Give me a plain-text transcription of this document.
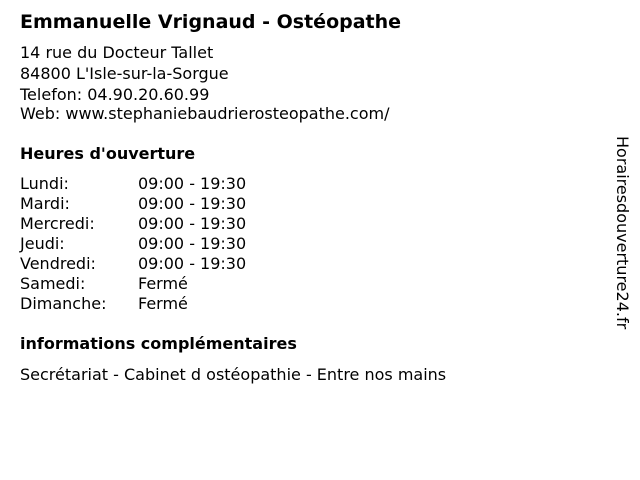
Emmanuelle Vrignaud - Ostéopathe
14 rue du Docteur Tallet
84800 L'Isle-sur-la-Sorgue
Telefon: 04.90.20.60.99
Web: www.stephaniebaudrierosteopathe.com/
Heures d'ouverture
Lundi:	09:00 - 19:30
Mardi:	09:00 - 19:30
Mercredi:	09:00 - 19:30
Jeudi:	09:00 - 19:30
Vendredi:	09:00 - 19:30
Samedi:	Fermé
Dimanche: Fermé
informations complémentaires
Secrétariat - Cabinet d ostéopathie - Entre nos mains
Horairesdouverture24.fr
